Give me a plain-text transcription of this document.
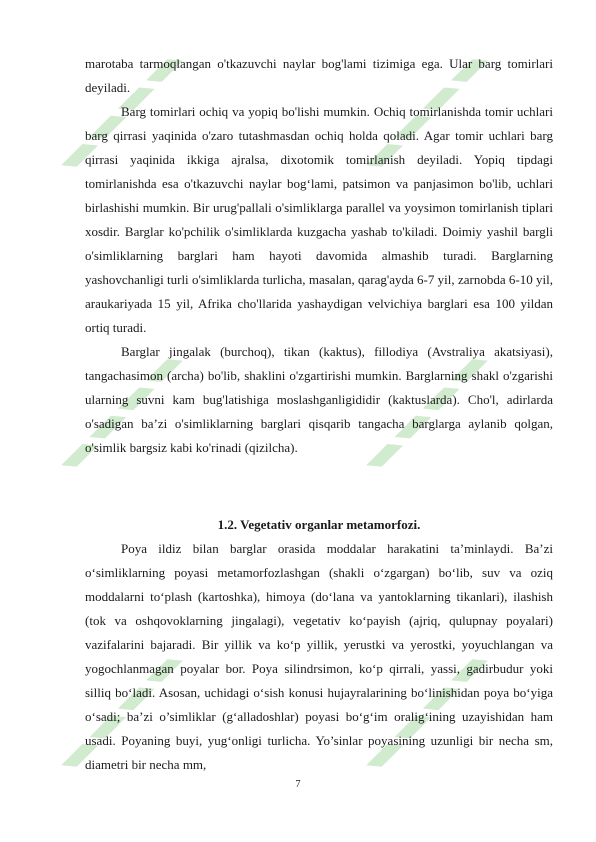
marotaba tarmoqlangan o'tkazuvchi naylar bog'lami tizimiga ega. Ular barg tomirlari deyiladi.

Barg tomirlari ochiq va yopiq bo'lishi mumkin. Ochiq tomirlanishda tomir uchlari barg qirrasi yaqinida o'zaro tutashmasdan ochiq holda qoladi. Agar tomir uchlari barg qirrasi yaqinida ikkiga ajralsa, dixotomik tomirlanish deyiladi. Yopiq tipdagi tomirlanishda esa o'tkazuvchi naylar bog‘lami, patsimon va panjasimon bo'lib, uchlari birlashishi mumkin. Bir urug'pallali o'simliklarga parallel va yoysimon tomirlanish tiplari xosdir. Barglar ko'pchilik o'simliklarda kuzgacha yashab to'kiladi. Doimiy yashil bargli o'simliklarning barglari ham hayoti davomida almashib turadi. Barglarning yashovchanligi turli o'simliklarda turlicha, masalan, qarag'ayda 6-7 yil, zarnobda 6-10 yil, araukariyada 15 yil, Afrika cho'llarida yashaydigan velvichiya barglari esa 100 yildan ortiq turadi.

Barglar jingalak (burchoq), tikan (kaktus), fillodiya (Avstraliya akatsiyasi), tangachasimon (archa) bo'lib, shaklini o'zgartirishi mumkin. Barglarning shakl o'zgarishi ularning suvni kam bug'latishiga moslashganligididir (kaktuslarda). Cho'l, adirlarda o'sadigan ba’zi o'simliklarning barglari qisqarib tangacha barglarga aylanib qolgan, o'simlik bargsiz kabi ko'rinadi (qizilcha).

1.2. Vegetativ organlar metamorfozi.

Poya ildiz bilan barglar orasida moddalar harakatini ta’minlaydi. Ba’zi o‘simliklarning poyasi metamorfozlashgan (shakli o‘zgargan) bo‘lib, suv va oziq moddalarni to‘plash (kartoshka), himoya (do‘lana va yantoklarning tikanlari), ilashish (tok va oshqovoklarning jingalagi), vegetativ ko‘payish (ajriq, qulupnay poyalari) vazifalarini bajaradi. Bir yillik va ko‘p yillik, yerustki va yerostki, yoyuchlangan va yogochlanmagan poyalar bor. Poya silindrsimon, ko‘p qirrali, yassi, gadirbudur yoki silliq bo‘ladi. Asosan, uchidagi o‘sish konusi hujayralarining bo‘linishidan poya bo‘yiga o‘sadi; ba’zi o’simliklar (g‘alladoshlar) poyasi bo‘g‘im oralig‘ining uzayishidan ham usadi. Poyaning buyi, yug‘onligi turlicha. Yo’sinlar poyasining uzunligi bir necha sm, diametri bir necha mm,

7
